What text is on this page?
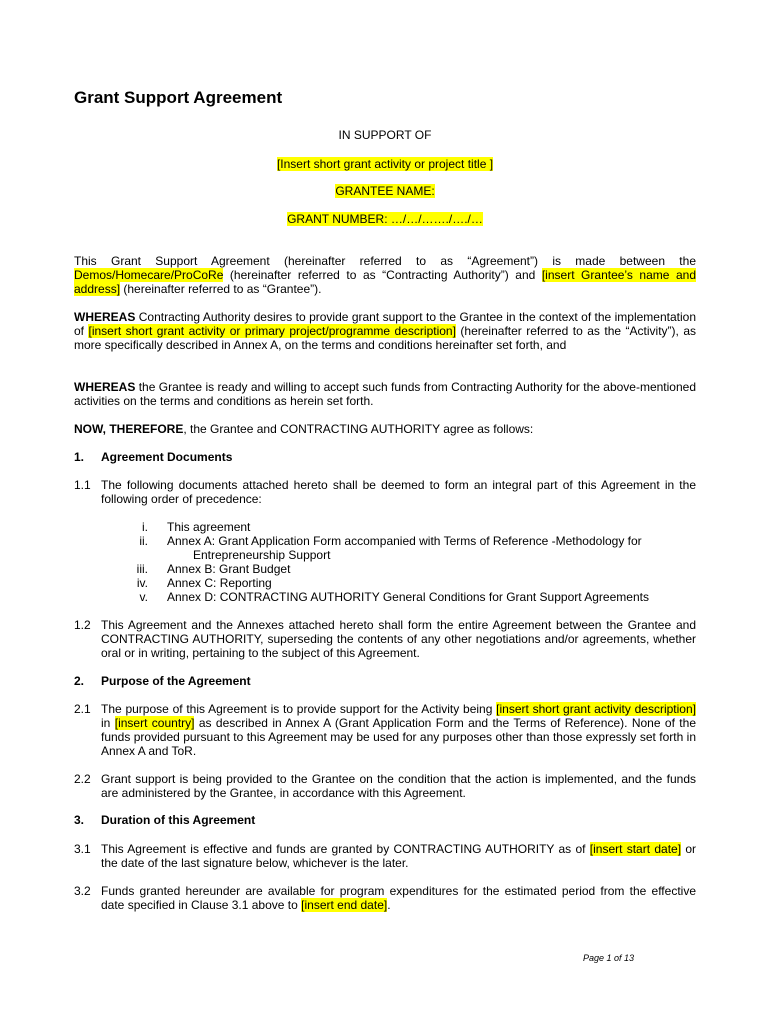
Grant Support Agreement
IN SUPPORT OF
[Insert short grant activity or project title ]
GRANTEE NAME:
GRANT NUMBER: …/…/……./…./…
This Grant Support Agreement (hereinafter referred to as “Agreement”) is made between the Demos/Homecare/ProCoRe (hereinafter referred to as “Contracting Authority”) and [insert Grantee’s name and address] (hereinafter referred to as “Grantee”).
WHEREAS Contracting Authority desires to provide grant support to the Grantee in the context of the implementation of [insert short grant activity or primary project/programme description] (hereinafter referred to as the “Activity”), as more specifically described in Annex A, on the terms and conditions hereinafter set forth, and
WHEREAS the Grantee is ready and willing to accept such funds from Contracting Authority for the above-mentioned activities on the terms and conditions as herein set forth.
NOW, THEREFORE, the Grantee and CONTRACTING AUTHORITY agree as follows:
1. Agreement Documents
1.1 The following documents attached hereto shall be deemed to form an integral part of this Agreement in the following order of precedence:
i. This agreement
ii. Annex A: Grant Application Form accompanied with Terms of Reference -Methodology for
Entrepreneurship Support
iii. Annex B: Grant Budget
iv. Annex C: Reporting
v. Annex D: CONTRACTING AUTHORITY General Conditions for Grant Support Agreements
1.2 This Agreement and the Annexes attached hereto shall form the entire Agreement between the Grantee and CONTRACTING AUTHORITY, superseding the contents of any other negotiations and/or agreements, whether oral or in writing, pertaining to the subject of this Agreement.
2. Purpose of the Agreement
2.1 The purpose of this Agreement is to provide support for the Activity being [insert short grant activity description] in [insert country] as described in Annex A (Grant Application Form and the Terms of Reference). None of the funds provided pursuant to this Agreement may be used for any purposes other than those expressly set forth in Annex A and ToR.
2.2 Grant support is being provided to the Grantee on the condition that the action is implemented, and the funds are administered by the Grantee, in accordance with this Agreement.
3. Duration of this Agreement
3.1 This Agreement is effective and funds are granted by CONTRACTING AUTHORITY as of [insert start date] or the date of the last signature below, whichever is the later.
3.2 Funds granted hereunder are available for program expenditures for the estimated period from the effective date specified in Clause 3.1 above to [insert end date].
Page 1 of 13
